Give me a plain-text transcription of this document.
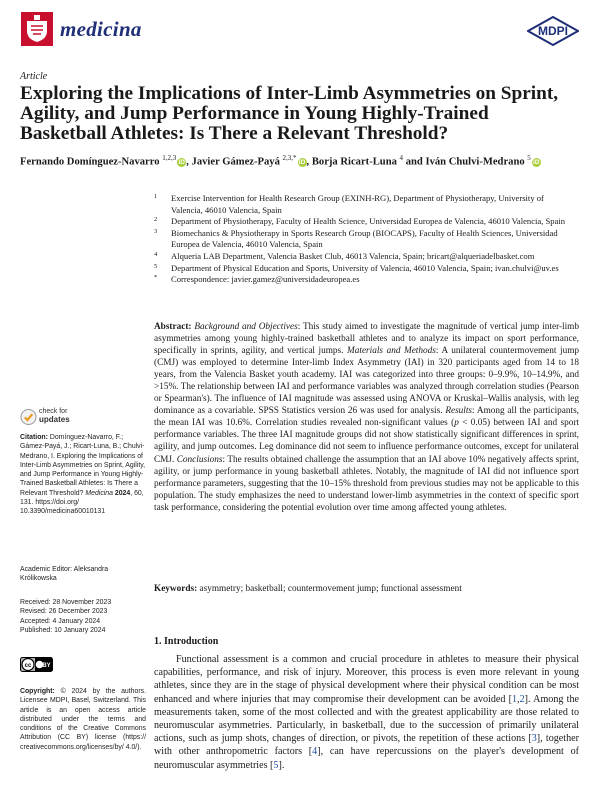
medicina	MDPI
Article
Exploring the Implications of Inter-Limb Asymmetries on Sprint, Agility, and Jump Performance in Young Highly-Trained Basketball Athletes: Is There a Relevant Threshold?
Fernando Domínguez-Navarro $^{1,2,3}$iD, Javier Gámez-Payá $^{2,3,*}$iD, Borja Ricart-Luna $^4$ and Iván Chulvi-Medrano $^5$iD
1 Exercise Intervention for Health Research Group (EXINH-RG), Department of Physiotherapy, University of Valencia, 46010 Valencia, Spain
2 Department of Physiotherapy, Faculty of Health Science, Universidad Europea de Valencia, 46010 Valencia, Spain
3 Biomechanics & Physiotherapy in Sports Research Group (BIOCAPS), Faculty of Health Sciences, Universidad Europea de Valencia, 46010 Valencia, Spain
4 Alqueria LAB Department, Valencia Basket Club, 46013 Valencia, Spain; bricart@alqueriadelbasket.com
5 Department of Physical Education and Sports, University of Valencia, 46010 Valencia, Spain; ivan.chulvi@uv.es
* Correspondence: javier.gamez@universidadeuropea.es
Abstract: Background and Objectives: This study aimed to investigate the magnitude of vertical jump inter-limb asymmetries among young highly-trained basketball athletes and to analyze its impact on sport performance, specifically in sprints, agility, and vertical jumps. Materials and Methods: A unilateral countermovement jump (CMJ) was employed to determine Inter-limb Index Asymmetry (IAI) in 320 participants aged from 14 to 18 years, from the Valencia Basket youth academy. IAI was categorized into three groups: 0–9.9%, 10–14.9%, and >15%. The relationship between IAI and performance variables was analyzed through correlation studies (Pearson or Spearman's). The influence of IAI magnitude was assessed using ANOVA or Kruskal–Wallis analysis, with leg dominance as a covariable. SPSS Statistics version 26 was used for analysis. Results: Among all the participants, the mean IAI was 10.6%. Correlation studies revealed non-significant values (p < 0.05) between IAI and sport performance variables. The three IAI magnitude groups did not show statistically significant differences in sprint, agility, and jump outcomes. Leg dominance did not seem to influence performance outcomes, except for unilateral CMJ. Conclusions: The results obtained challenge the assumption that an IAI above 10% negatively affects sprint, agility, or jump performance in young basketball athletes. Notably, the magnitude of IAI did not influence sport performance parameters, suggesting that the 10–15% threshold from previous studies may not be applicable to this population. The study emphasizes the need to understand lower-limb asymmetries in the context of specific sport task performance, considering the potential evolution over time among affected young athletes.
Keywords: asymmetry; basketball; countermovement jump; functional assessment
check for
updates
Citation: Domínguez-Navarro, F.; Gámez-Payá, J.; Ricart-Luna, B.; Chulvi-Medrano, I. Exploring the Implications of Inter-Limb Asymmetries on Sprint, Agility, and Jump Performance in Young Highly-Trained Basketball Athletes: Is There a Relevant Threshold? Medicina 2024, 60, 131. https://doi.org/ 10.3390/medicina60010131
Academic Editor: Aleksandra Królikowska
Received: 28 November 2023
Revised: 26 December 2023
Accepted: 4 January 2024
Published: 10 January 2024
cc BY
Copyright: © 2024 by the authors. Licensee MDPI, Basel, Switzerland. This article is an open access article distributed under the terms and conditions of the Creative Commons Attribution (CC BY) license (https:// creativecommons.org/licenses/by/ 4.0/).
1. Introduction
Functional assessment is a common and crucial procedure in athletes to measure their physical capabilities, performance, and risk of injury. Moreover, this process is even more relevant in young athletes, since they are in the stage of physical development where their physical condition can be most enhanced and where injuries that may compromise their development can be avoided [1,2]. Among the measurements taken, some of the most collected and with the greatest applicability are those related to neuromuscular asymmetries. Particularly, in basketball, due to the succession of primarily unilateral actions, such as jump shots, changes of direction, or pivots, the repetition of these actions [3], together with other anthropometric factors [4], can have repercussions on the player's development of neuromuscular asymmetries [5].
